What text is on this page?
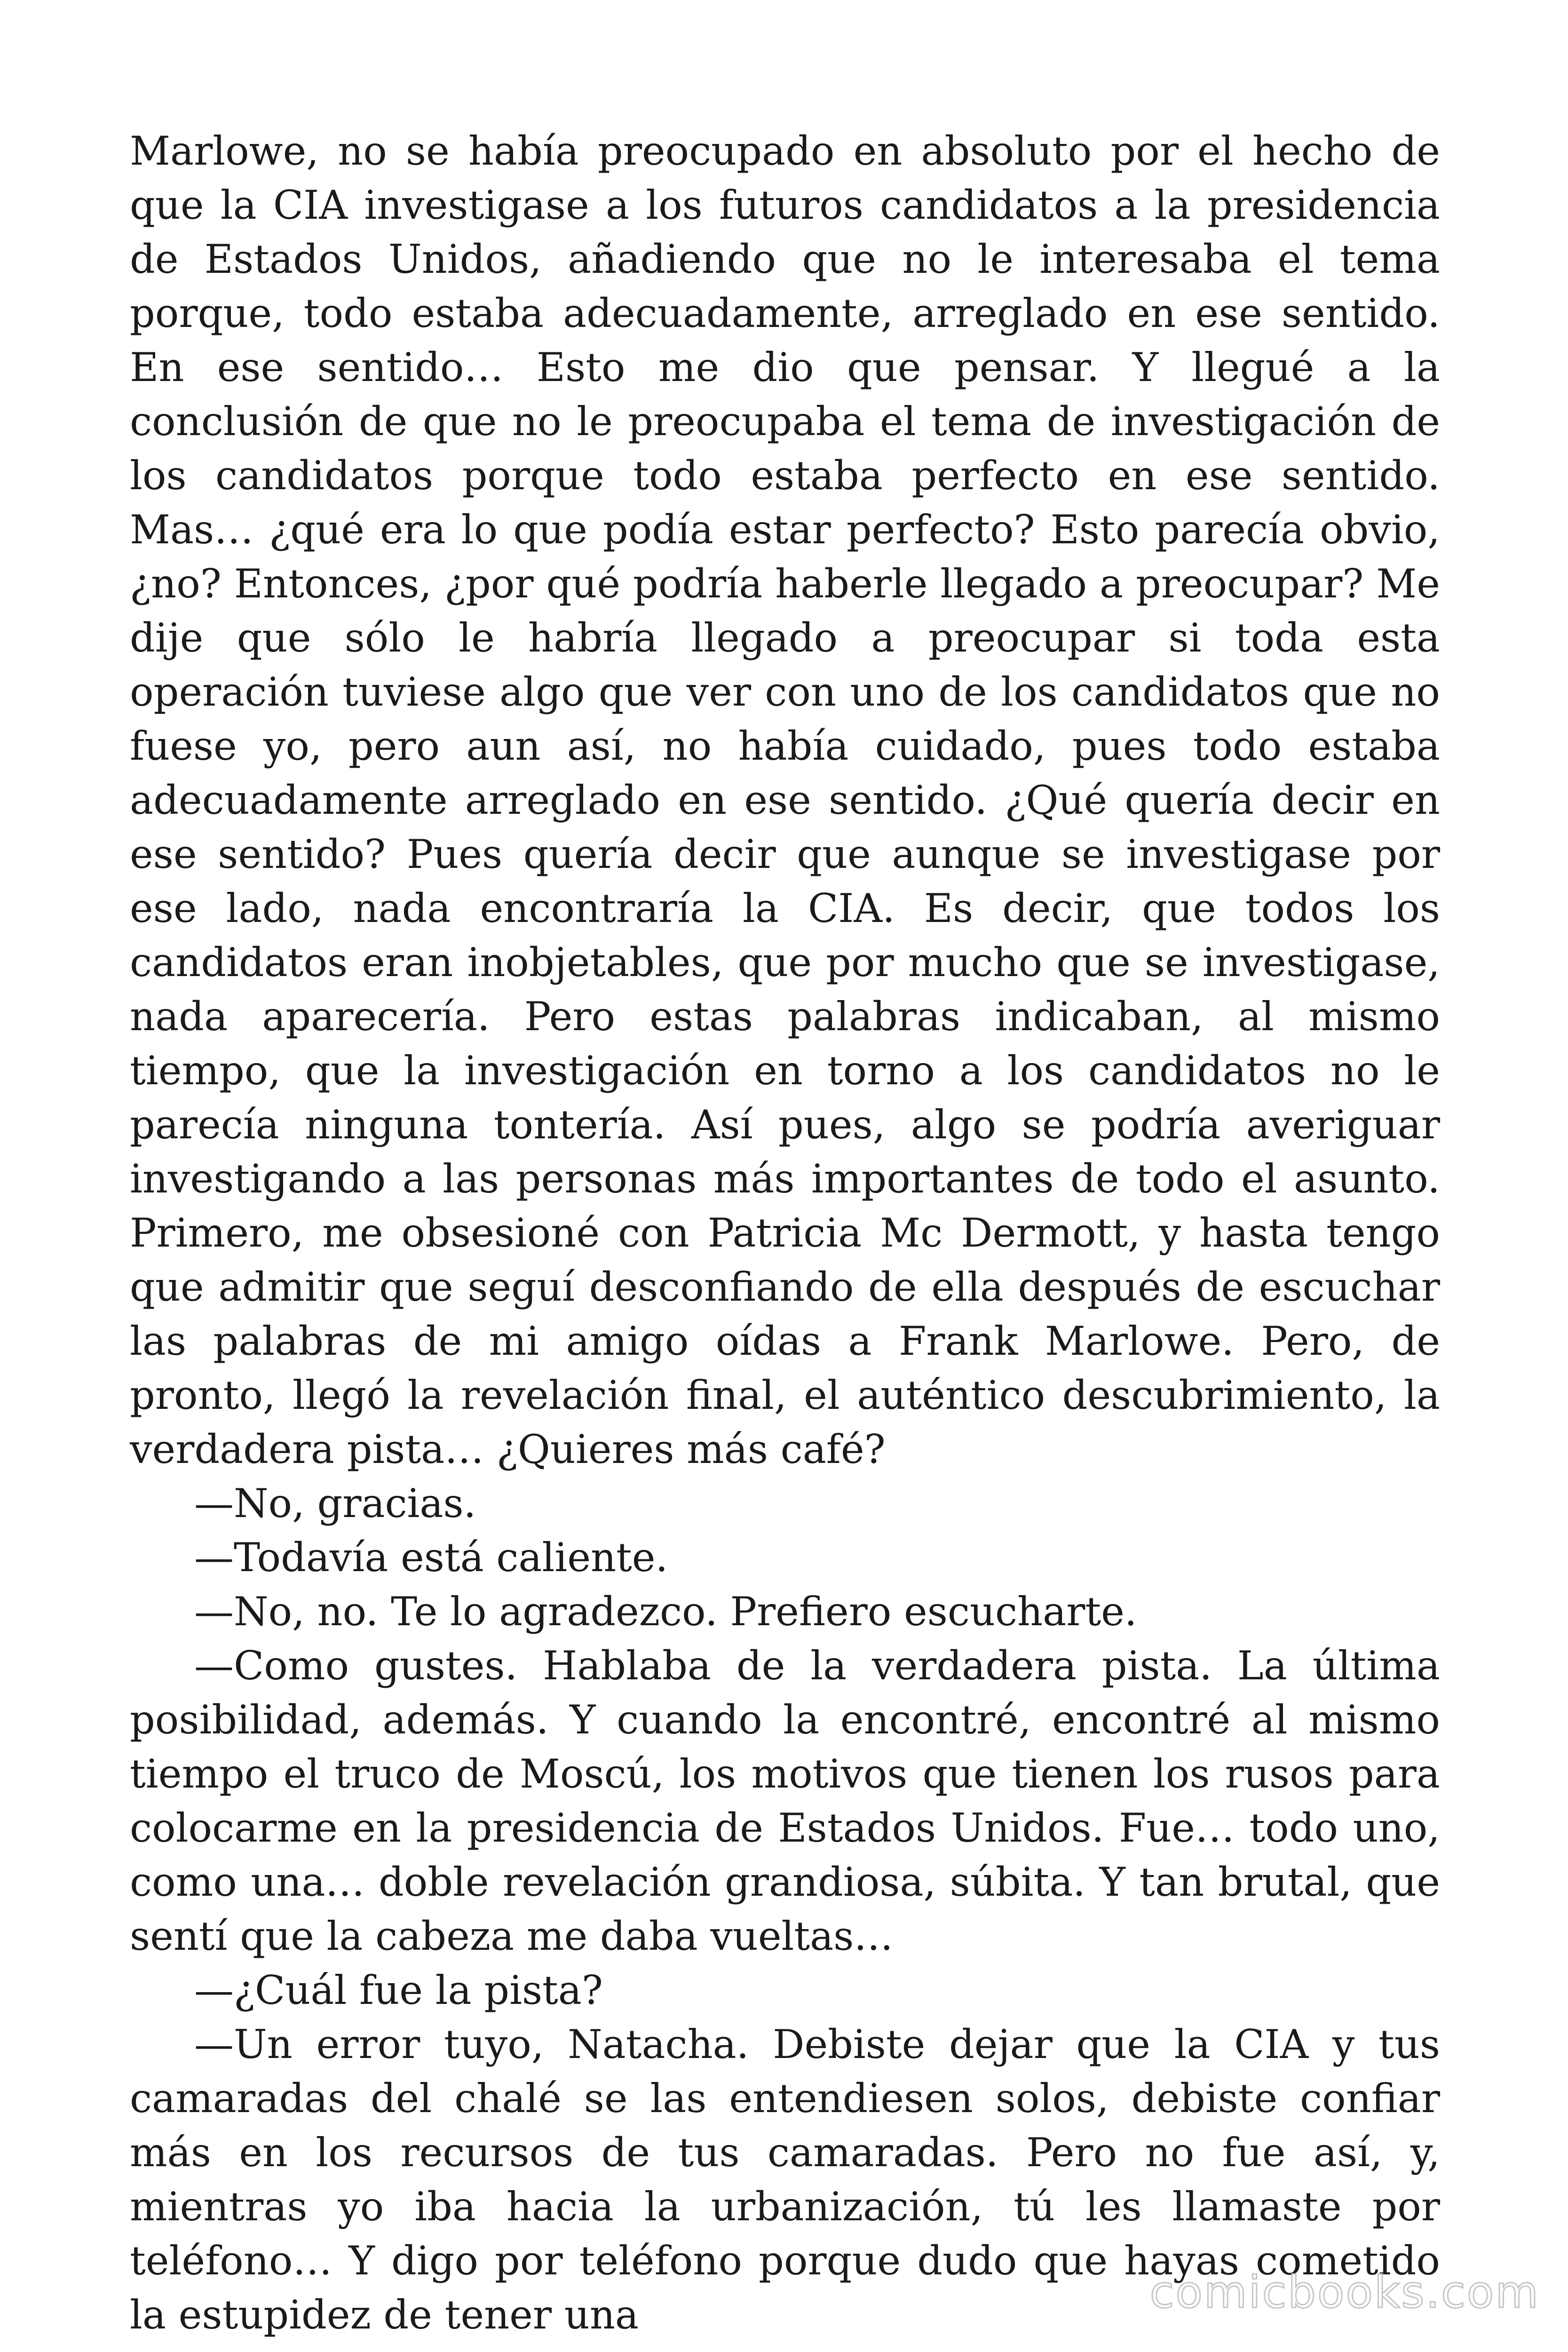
Marlowe, no se había preocupado en absoluto por el hecho de que la CIA investigase a los futuros candidatos a la presidencia de Estados Unidos, añadiendo que no le interesaba el tema porque, todo estaba adecuadamente, arreglado en ese sentido. En ese sentido… Esto me dio que pensar. Y llegué a la conclusión de que no le preocupaba el tema de investigación de los candidatos porque todo estaba perfecto en ese sentido. Mas… ¿qué era lo que podía estar perfecto? Esto parecía obvio, ¿no? Entonces, ¿por qué podría haberle llegado a preocupar? Me dije que sólo le habría llegado a preocupar si toda esta operación tuviese algo que ver con uno de los candidatos que no fuese yo, pero aun así, no había cuidado, pues todo estaba adecuadamente arreglado en ese sentido. ¿Qué quería decir en ese sentido? Pues quería decir que aunque se investigase por ese lado, nada encontraría la CIA. Es decir, que todos los candidatos eran inobjetables, que por mucho que se investigase, nada aparecería. Pero estas palabras indicaban, al mismo tiempo, que la investigación en torno a los candidatos no le parecía ninguna tontería. Así pues, algo se podría averiguar investigando a las personas más importantes de todo el asunto. Primero, me obsesioné con Patricia Mc Dermott, y hasta tengo que admitir que seguí desconfiando de ella después de escuchar las palabras de mi amigo oídas a Frank Marlowe. Pero, de pronto, llegó la revelación final, el auténtico descubrimiento, la verdadera pista… ¿Quieres más café?

—No, gracias.

—Todavía está caliente.

—No, no. Te lo agradezco. Prefiero escucharte.

—Como gustes. Hablaba de la verdadera pista. La última posibilidad, además. Y cuando la encontré, encontré al mismo tiempo el truco de Moscú, los motivos que tienen los rusos para colocarme en la presidencia de Estados Unidos. Fue… todo uno, como una… doble revelación grandiosa, súbita. Y tan brutal, que sentí que la cabeza me daba vueltas…

—¿Cuál fue la pista?

—Un error tuyo, Natacha. Debiste dejar que la CIA y tus camaradas del chalé se las entendiesen solos, debiste confiar más en los recursos de tus camaradas. Pero no fue así, y, mientras yo iba hacia la urbanización, tú les llamaste por teléfono… Y digo por teléfono porque dudo que hayas cometido la estupidez de tener una	comicbooks.com
